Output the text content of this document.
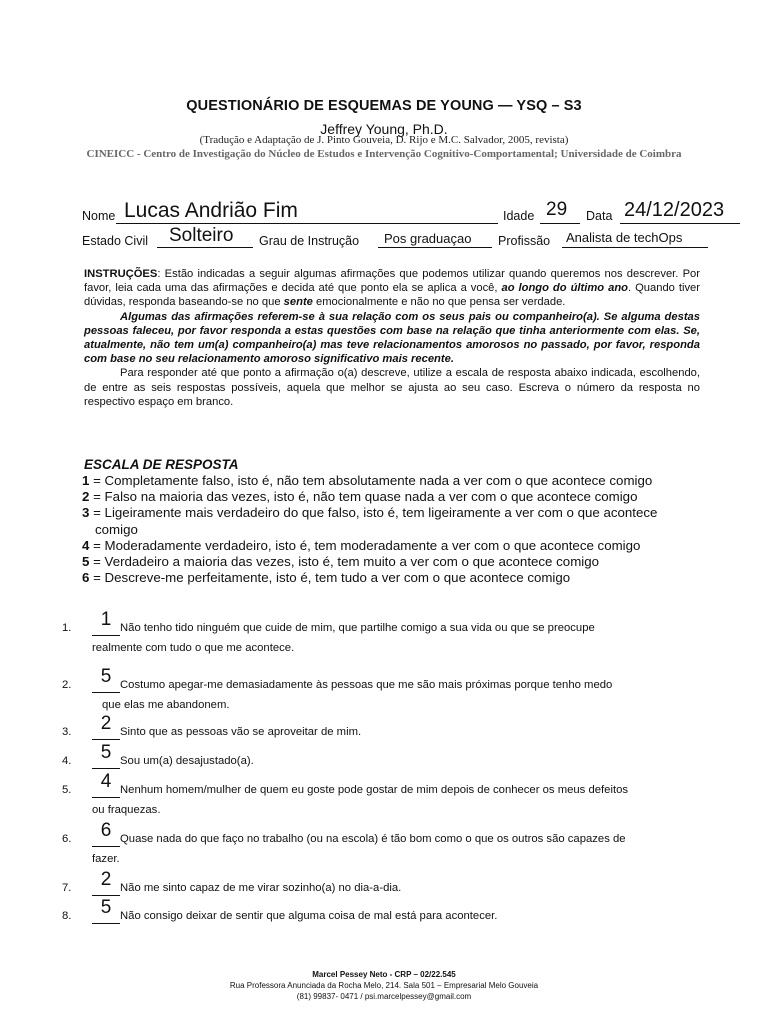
QUESTIONÁRIO DE ESQUEMAS DE YOUNG — YSQ – S3
Jeffrey Young, Ph.D.
(Tradução e Adaptação de J. Pinto Gouveia, D. Rijo e M.C. Salvador, 2005, revista)
CINEICC - Centro de Investigação do Núcleo de Estudos e Intervenção Cognitivo-Comportamental; Universidade de Coimbra
Nome Lucas Andrião Fim	Idade 29 Data 24/12/2023
Estado Civil Solteiro Grau de Instrução Pos graduaçao Profissão Analista de techOps

INSTRUÇÕES: Estão indicadas a seguir algumas afirmações que podemos utilizar quando queremos nos descrever. Por favor, leia cada uma das afirmações e decida até que ponto ela se aplica a você, ao longo do último ano. Quando tiver dúvidas, responda baseando-se no que sente emocionalmente e não no que pensa ser verdade.

Algumas das afirmações referem-se à sua relação com os seus pais ou companheiro(a). Se alguma destas pessoas faleceu, por favor responda a estas questões com base na relação que tinha anteriormente com elas. Se, atualmente, não tem um(a) companheiro(a) mas teve relacionamentos amorosos no passado, por favor, responda com base no seu relacionamento amoroso significativo mais recente.

Para responder até que ponto a afirmação o(a) descreve, utilize a escala de resposta abaixo indicada, escolhendo, de entre as seis respostas possíveis, aquela que melhor se ajusta ao seu caso. Escreva o número da resposta no respectivo espaço em branco.

ESCALA DE RESPOSTA
1 = Completamente falso, isto é, não tem absolutamente nada a ver com o que acontece comigo
2 = Falso na maioria das vezes, isto é, não tem quase nada a ver com o que acontece comigo
3 = Ligeiramente mais verdadeiro do que falso, isto é, tem ligeiramente a ver com o que acontece
comigo
4 = Moderadamente verdadeiro, isto é, tem moderadamente a ver com o que acontece comigo
5 = Verdadeiro a maioria das vezes, isto é, tem muito a ver com o que acontece comigo
6 = Descreve-me perfeitamente, isto é, tem tudo a ver com o que acontece comigo
1.	1 Não tenho tido ninguém que cuide de mim, que partilhe comigo a sua vida ou que se preocupe
realmente com tudo o que me acontece.
2.	5 Costumo apegar-me demasiadamente às pessoas que me são mais próximas porque tenho medo
que elas me abandonem.
3.	2 Sinto que as pessoas vão se aproveitar de mim.
4.	5 Sou um(a) desajustado(a).
5.	4 Nenhum homem/mulher de quem eu goste pode gostar de mim depois de conhecer os meus defeitos
ou fraquezas.
6.	6 Quase nada do que faço no trabalho (ou na escola) é tão bom como o que os outros são capazes de
fazer.
7.	2 Não me sinto capaz de me virar sozinho(a) no dia-a-dia.
8.	5 Não consigo deixar de sentir que alguma coisa de mal está para acontecer.
Marcel Pessey Neto - CRP – 02/22.545
Rua Professora Anunciada da Rocha Melo, 214. Sala 501 – Empresarial Melo Gouveia
(81) 99837- 0471 / psi.marcelpessey@gmail.com
